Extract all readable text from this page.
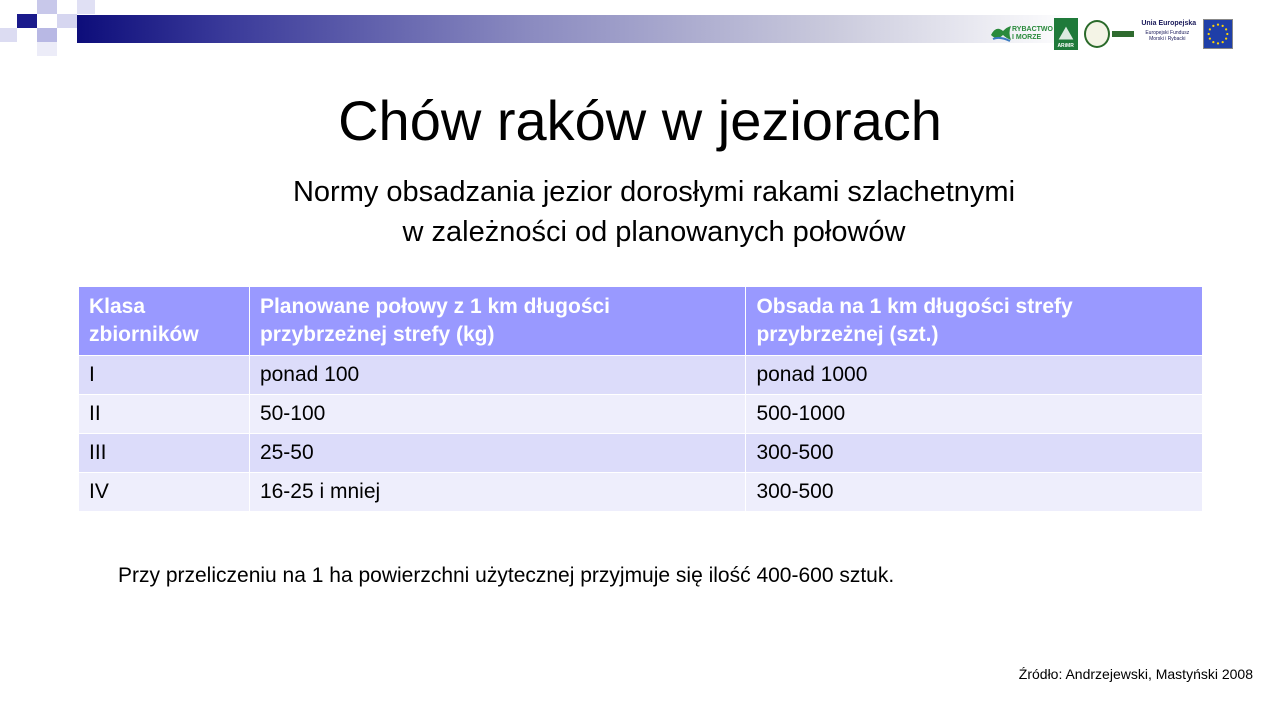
RYBACTWO
I MORZE
ARiMR
Unia Europejska
Europejski Fundusz
Morski i Rybacki
Chów raków w jeziorach
Normy obsadzania jezior dorosłymi rakami szlachetnymi
w zależności od planowanych połowów
Klasa zbiorników	Planowane połowy z 1 km długości przybrzeżnej strefy (kg)	Obsada na 1 km długości strefy przybrzeżnej (szt.)
I	ponad 100	ponad 1000
II	50-100	500-1000
III	25-50	300-500
IV	16-25 i mniej	300-500

Przy przeliczeniu na 1 ha powierzchni użytecznej przyjmuje się ilość 400-600 sztuk.

Źródło: Andrzejewski, Mastyński 2008
